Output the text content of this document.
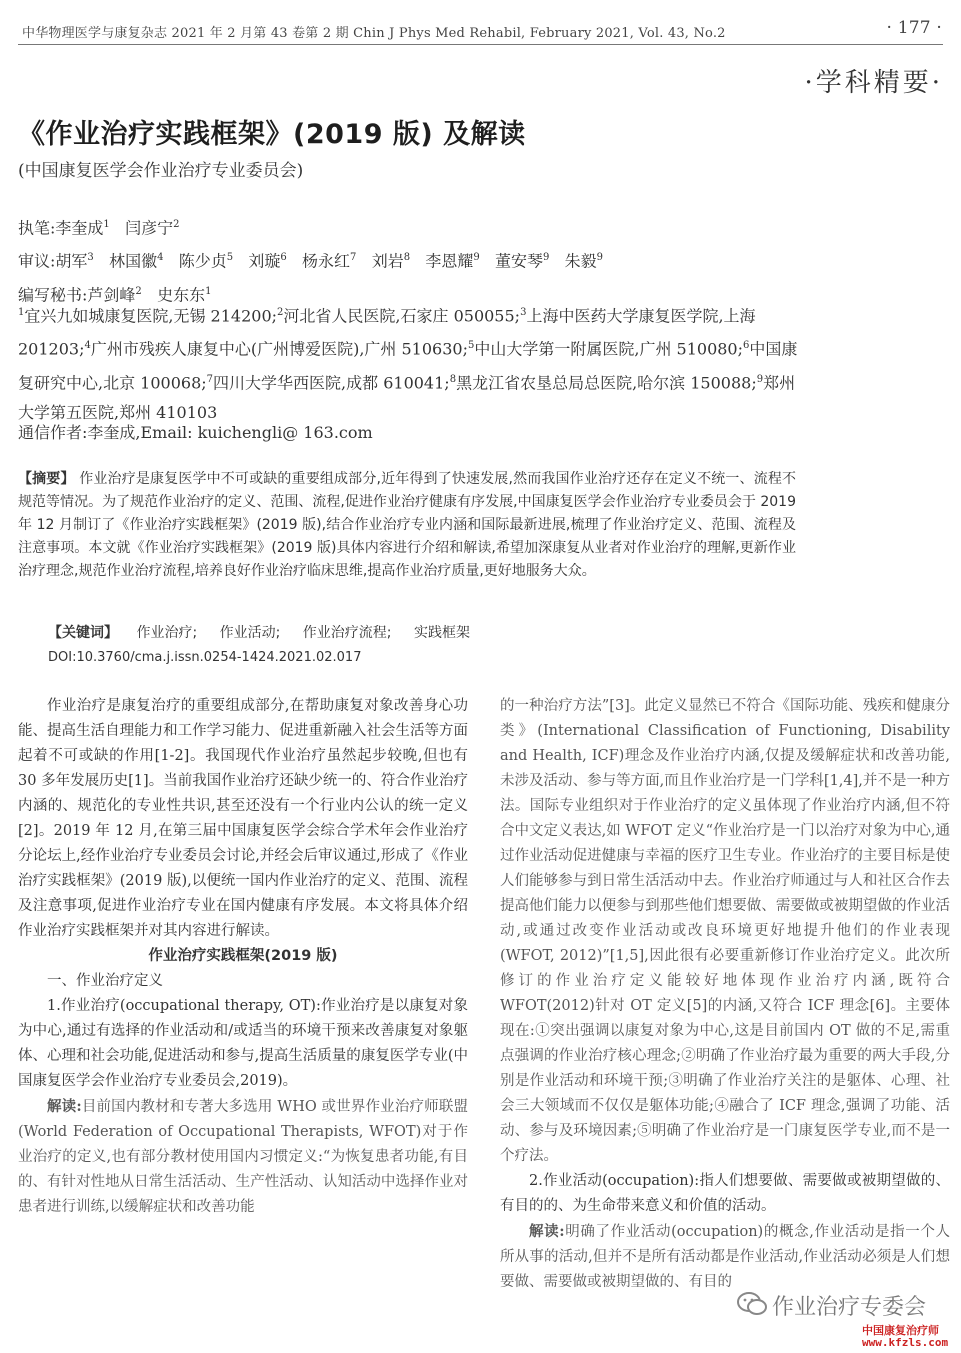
中华物理医学与康复杂志 2021 年 2 月第 43 卷第 2 期 Chin J Phys Med Rehabil, February 2021, Vol. 43, No.2	· 177 ·
·学科精要·
《作业治疗实践框架》(2019 版) 及解读
(中国康复医学会作业治疗专业委员会)
执笔:李奎成$^1$ 闫彦宁$^2$
审议:胡军$^3$ 林国徽$^4$ 陈少贞$^5$ 刘璇$^6$ 杨永红$^7$ 刘岩$^8$ 李恩耀$^9$ 董安琴$^9$ 朱毅$^9$
编写秘书:芦剑峰$^2$ 史东东$^1$
$^1$宜兴九如城康复医院,无锡 214200;$^2$河北省人民医院,石家庄 050055;$^3$上海中医药大学康复医学院,上海 201203;$^4$广州市残疾人康复中心(广州博爱医院),广州 510630;$^5$中山大学第一附属医院,广州 510080;$^6$中国康复研究中心,北京 100068;$^7$四川大学华西医院,成都 610041;$^8$黑龙江省农垦总局总医院,哈尔滨 150088;$^9$郑州大学第五医院,郑州 410103
通信作者:李奎成,Email: kuichengli@ 163.com
【摘要】 作业治疗是康复医学中不可或缺的重要组成部分,近年得到了快速发展,然而我国作业治疗还存在定义不统一、流程不规范等情况。为了规范作业治疗的定义、范围、流程,促进作业治疗健康有序发展,中国康复医学会作业治疗专业委员会于 2019 年 12 月制订了《作业治疗实践框架》(2019 版),结合作业治疗专业内涵和国际最新进展,梳理了作业治疗定义、范围、流程及注意事项。本文就《作业治疗实践框架》(2019 版)具体内容进行介绍和解读,希望加深康复从业者对作业治疗的理解,更新作业治疗理念,规范作业治疗流程,培养良好作业治疗临床思维,提高作业治疗质量,更好地服务大众。
【关键词】 作业治疗; 作业活动; 作业治疗流程; 实践框架
DOI:10.3760/cma.j.issn.0254-1424.2021.02.017

作业治疗是康复治疗的重要组成部分,在帮助康复对象改善身心功能、提高生活自理能力和工作学习能力、促进重新融入社会生活等方面起着不可或缺的作用[1-2]。我国现代作业治疗虽然起步较晚,但也有 30 多年发展历史[1]。当前我国作业治疗还缺少统一的、符合作业治疗内涵的、规范化的专业性共识,甚至还没有一个行业内公认的统一定义[2]。2019 年 12 月,在第三届中国康复医学会综合学术年会作业治疗分论坛上,经作业治疗专业委员会讨论,并经会后审议通过,形成了《作业治疗实践框架》(2019 版),以便统一国内作业治疗的定义、范围、流程及注意事项,促进作业治疗专业在国内健康有序发展。本文将具体介绍作业治疗实践框架并对其内容进行解读。

作业治疗实践框架(2019 版)

一、作业治疗定义

1.作业治疗(occupational therapy, OT):作业治疗是以康复对象为中心,通过有选择的作业活动和/或适当的环境干预来改善康复对象躯体、心理和社会功能,促进活动和参与,提高生活质量的康复医学专业(中国康复医学会作业治疗专业委员会,2019)。

解读:目前国内教材和专著大多选用 WHO 或世界作业治疗师联盟(World Federation of Occupational Therapists, WFOT)对于作业治疗的定义,也有部分教材使用国内习惯定义:“为恢复患者功能,有目的、有针对性地从日常生活活动、生产性活动、认知活动中选择作业对患者进行训练,以缓解症状和改善功能

的一种治疗方法”[3]。此定义显然已不符合《国际功能、残疾和健康分类》(International Classification of Functioning, Disability and Health, ICF)理念及作业治疗内涵,仅提及缓解症状和改善功能,未涉及活动、参与等方面,而且作业治疗是一门学科[1,4],并不是一种方法。国际专业组织对于作业治疗的定义虽体现了作业治疗内涵,但不符合中文定义表达,如 WFOT 定义“作业治疗是一门以治疗对象为中心,通过作业活动促进健康与幸福的医疗卫生专业。作业治疗的主要目标是使人们能够参与到日常生活活动中去。作业治疗师通过与人和社区合作去提高他们能力以便参与到那些他们想要做、需要做或被期望做的作业活动,或通过改变作业活动或改良环境更好地提升他们的作业表现(WFOT, 2012)”[1,5],因此很有必要重新修订作业治疗定义。此次所修订的作业治疗定义能较好地体现作业治疗内涵,既符合 WFOT(2012)针对 OT 定义[5]的内涵,又符合 ICF 理念[6]。主要体现在:①突出强调以康复对象为中心,这是目前国内 OT 做的不足,需重点强调的作业治疗核心理念;②明确了作业治疗最为重要的两大手段,分别是作业活动和环境干预;③明确了作业治疗关注的是躯体、心理、社会三大领域而不仅仅是躯体功能;④融合了 ICF 理念,强调了功能、活动、参与及环境因素;⑤明确了作业治疗是一门康复医学专业,而不是一个疗法。

2.作业活动(occupation):指人们想要做、需要做或被期望做的、有目的的、为生命带来意义和价值的活动。

解读:明确了作业活动(occupation)的概念,作业活动是指一个人所从事的活动,但并不是所有活动都是作业活动,作业活动必须是人们想要做、需要做或被期望做的、有目的

作业治疗专委会
中国康复治疗师
www.kfzls.com
